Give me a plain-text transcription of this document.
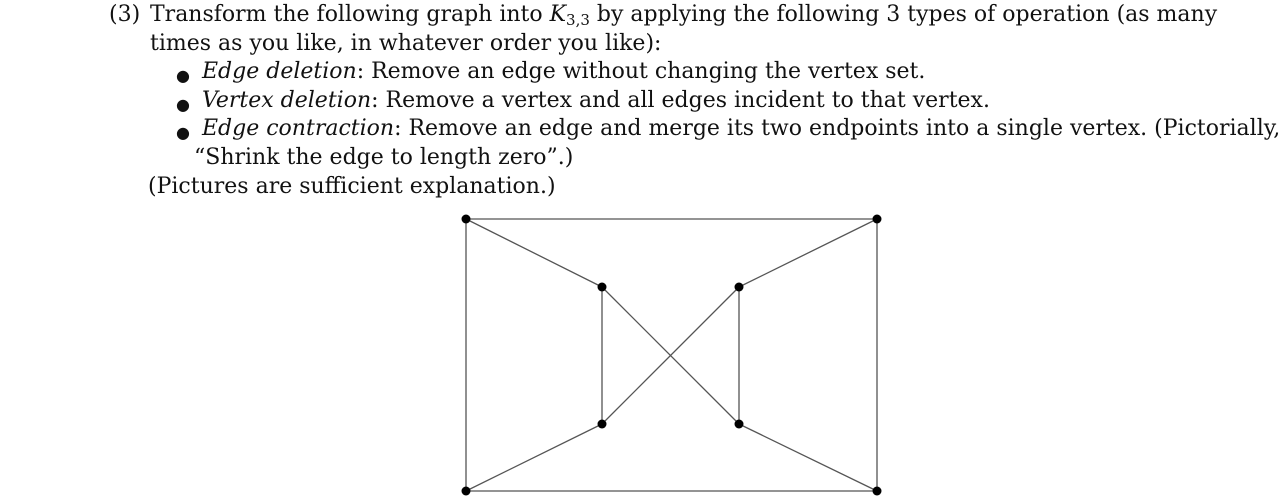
(3) Transform the following graph into $K_{3,3}$ by applying the following 3 types of operation (as many
times as you like, in whatever order you like):
● Edge deletion: Remove an edge without changing the vertex set.
● Vertex deletion: Remove a vertex and all edges incident to that vertex.
● Edge contraction: Remove an edge and merge its two endpoints into a single vertex. (Pictorially,
“Shrink the edge to length zero”.)
(Pictures are sufficient explanation.)
